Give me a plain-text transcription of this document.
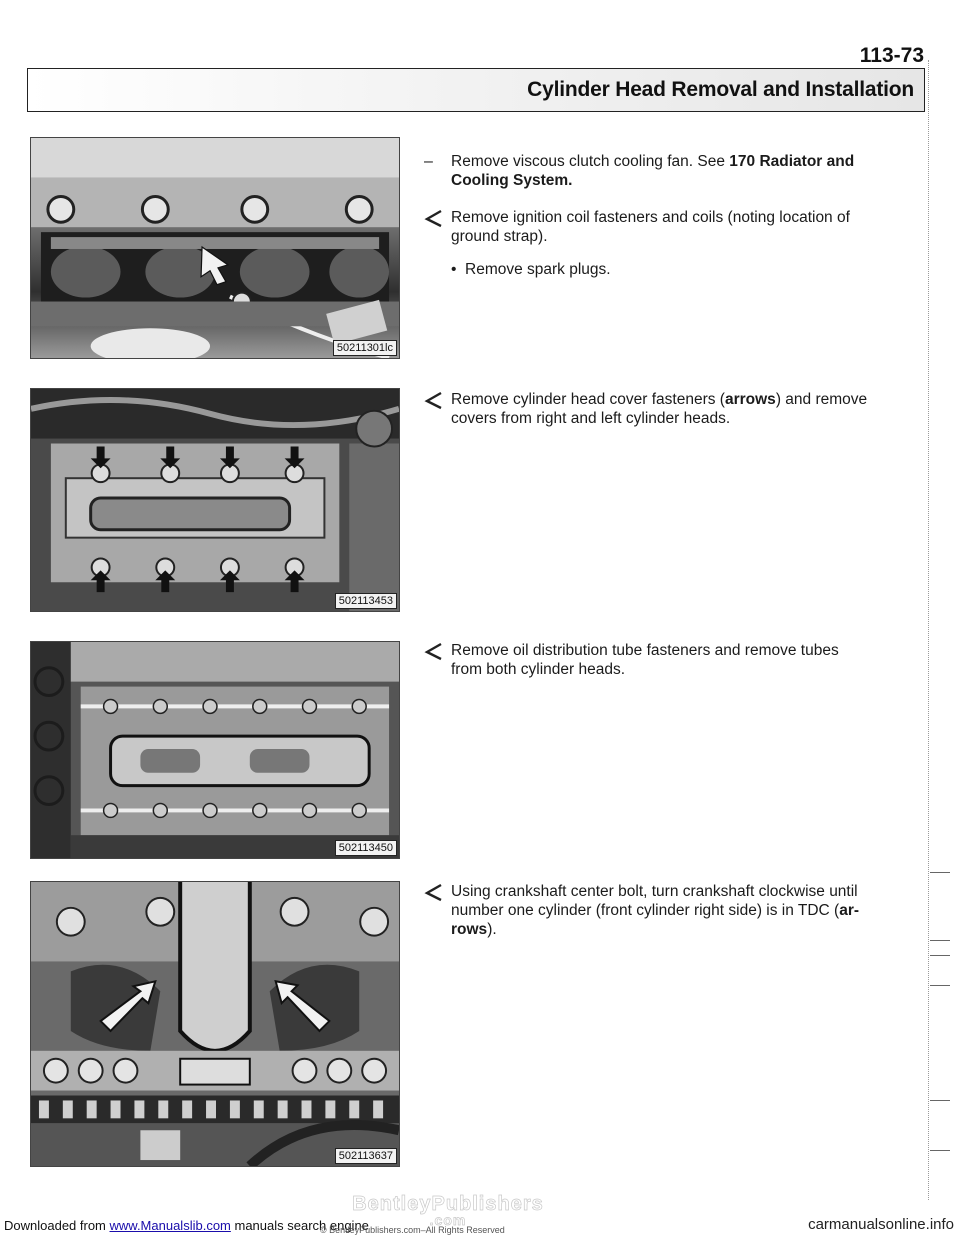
113-73
Cylinder Head Removal and Installation
50211301lc
502113453
502113450
502113637
– Remove viscous clutch cooling fan. See 170 Radiator and Cooling System.
Remove ignition coil fasteners and coils (noting location of ground strap).
• Remove spark plugs.
Remove cylinder head cover fasteners (arrows) and remove covers from right and left cylinder heads.
Remove oil distribution tube fasteners and remove tubes from both cylinder heads.
Using crankshaft center bolt, turn crankshaft clockwise until number one cylinder (front cylinder right side) is in TDC (ar-rows).
BentleyPublishers
.com
Downloaded from www.Manualslib.com manuals search engine
© BentleyPublishers.com–All Rights Reserved	carmanualsonline.info
